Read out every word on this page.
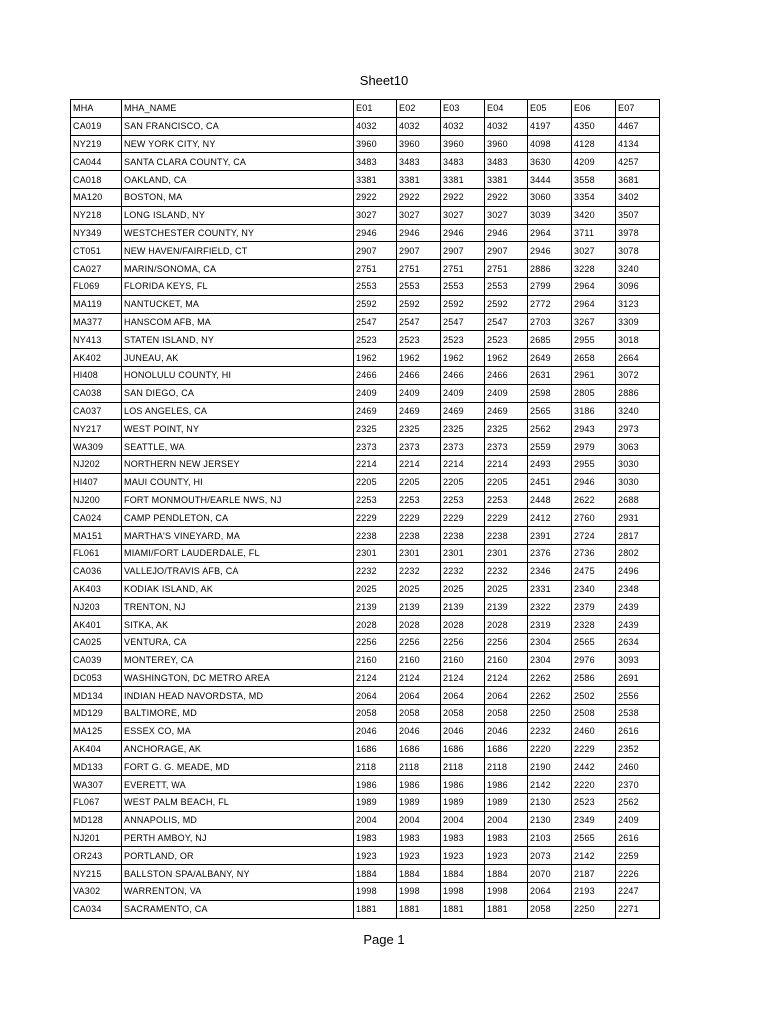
Sheet10
MHA	MHA_NAME	E01	E02	E03	E04	E05	E06	E07
CA019	SAN FRANCISCO, CA	4032	4032	4032	4032	4197	4350	4467
NY219	NEW YORK CITY, NY	3960	3960	3960	3960	4098	4128	4134
CA044	SANTA CLARA COUNTY, CA	3483	3483	3483	3483	3630	4209	4257
CA018	OAKLAND, CA	3381	3381	3381	3381	3444	3558	3681
MA120	BOSTON, MA	2922	2922	2922	2922	3060	3354	3402
NY218	LONG ISLAND, NY	3027	3027	3027	3027	3039	3420	3507
NY349	WESTCHESTER COUNTY, NY	2946	2946	2946	2946	2964	3711	3978
CT051	NEW HAVEN/FAIRFIELD, CT	2907	2907	2907	2907	2946	3027	3078
CA027	MARIN/SONOMA, CA	2751	2751	2751	2751	2886	3228	3240
FL069	FLORIDA KEYS, FL	2553	2553	2553	2553	2799	2964	3096
MA119	NANTUCKET, MA	2592	2592	2592	2592	2772	2964	3123
MA377	HANSCOM AFB, MA	2547	2547	2547	2547	2703	3267	3309
NY413	STATEN ISLAND, NY	2523	2523	2523	2523	2685	2955	3018
AK402	JUNEAU, AK	1962	1962	1962	1962	2649	2658	2664
HI408	HONOLULU COUNTY, HI	2466	2466	2466	2466	2631	2961	3072
CA038	SAN DIEGO, CA	2409	2409	2409	2409	2598	2805	2886
CA037	LOS ANGELES, CA	2469	2469	2469	2469	2565	3186	3240
NY217	WEST POINT, NY	2325	2325	2325	2325	2562	2943	2973
WA309	SEATTLE, WA	2373	2373	2373	2373	2559	2979	3063
NJ202	NORTHERN NEW JERSEY	2214	2214	2214	2214	2493	2955	3030
HI407	MAUI COUNTY, HI	2205	2205	2205	2205	2451	2946	3030
NJ200	FORT MONMOUTH/EARLE NWS, NJ	2253	2253	2253	2253	2448	2622	2688
CA024	CAMP PENDLETON, CA	2229	2229	2229	2229	2412	2760	2931
MA151	MARTHA'S VINEYARD, MA	2238	2238	2238	2238	2391	2724	2817
FL061	MIAMI/FORT LAUDERDALE, FL	2301	2301	2301	2301	2376	2736	2802
CA036	VALLEJO/TRAVIS AFB, CA	2232	2232	2232	2232	2346	2475	2496
AK403	KODIAK ISLAND, AK	2025	2025	2025	2025	2331	2340	2348
NJ203	TRENTON, NJ	2139	2139	2139	2139	2322	2379	2439
AK401	SITKA, AK	2028	2028	2028	2028	2319	2328	2439
CA025	VENTURA, CA	2256	2256	2256	2256	2304	2565	2634
CA039	MONTEREY, CA	2160	2160	2160	2160	2304	2976	3093
DC053	WASHINGTON, DC METRO AREA	2124	2124	2124	2124	2262	2586	2691
MD134	INDIAN HEAD NAVORDSTA, MD	2064	2064	2064	2064	2262	2502	2556
MD129	BALTIMORE, MD	2058	2058	2058	2058	2250	2508	2538
MA125	ESSEX CO, MA	2046	2046	2046	2046	2232	2460	2616
AK404	ANCHORAGE, AK	1686	1686	1686	1686	2220	2229	2352
MD133	FORT G. G. MEADE, MD	2118	2118	2118	2118	2190	2442	2460
WA307	EVERETT, WA	1986	1986	1986	1986	2142	2220	2370
FL067	WEST PALM BEACH, FL	1989	1989	1989	1989	2130	2523	2562
MD128	ANNAPOLIS, MD	2004	2004	2004	2004	2130	2349	2409
NJ201	PERTH AMBOY, NJ	1983	1983	1983	1983	2103	2565	2616
OR243	PORTLAND, OR	1923	1923	1923	1923	2073	2142	2259
NY215	BALLSTON SPA/ALBANY, NY	1884	1884	1884	1884	2070	2187	2226
VA302	WARRENTON, VA	1998	1998	1998	1998	2064	2193	2247
CA034	SACRAMENTO, CA	1881	1881	1881	1881	2058	2250	2271
Page 1
